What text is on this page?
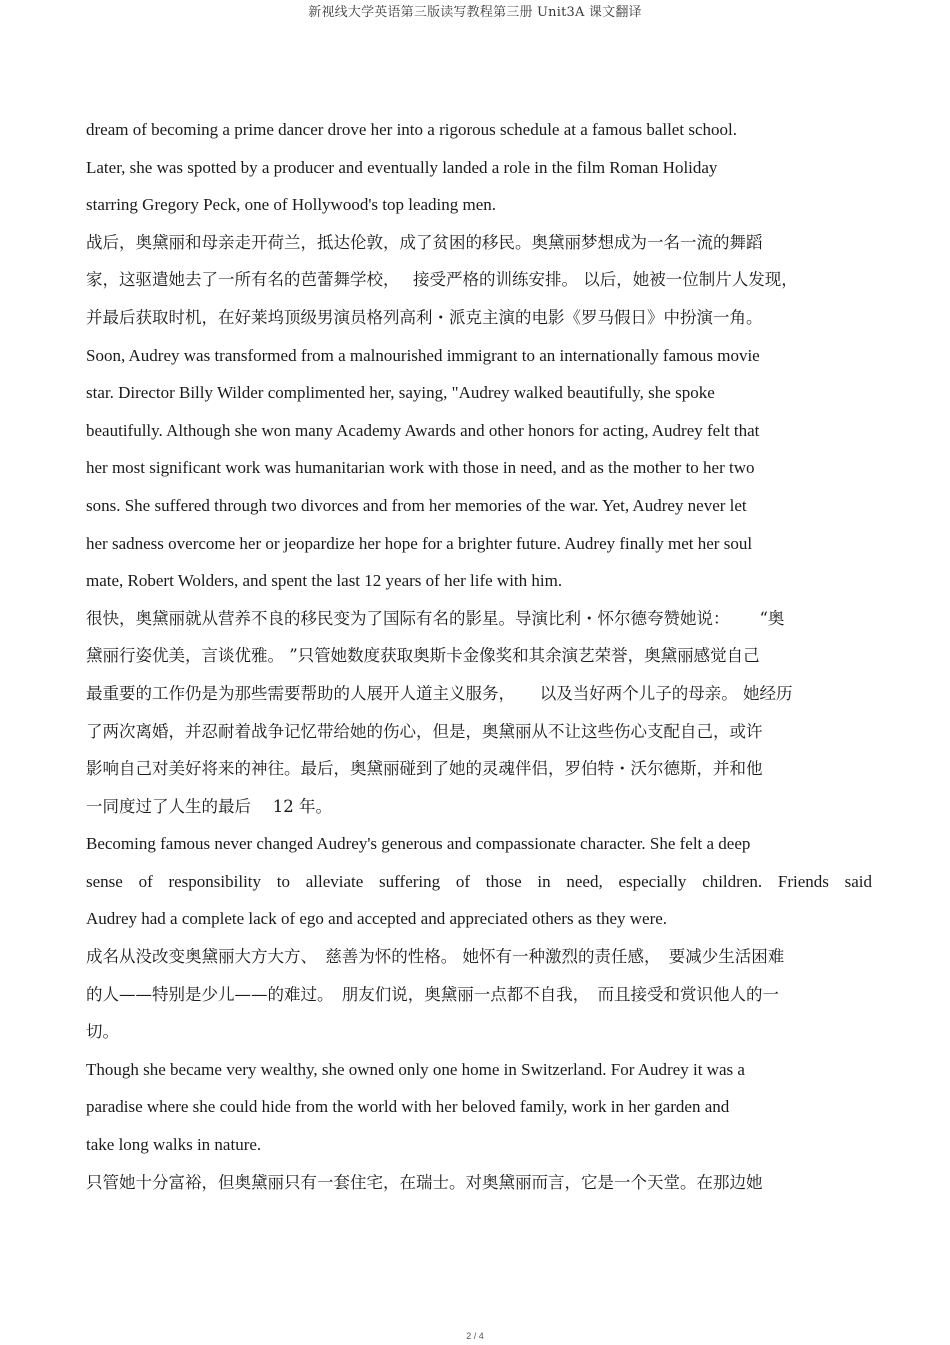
新视线大学英语第三版读写教程第三册 Unit3A 课文翻译
dream of becoming a prime dancer drove her into a rigorous schedule at a famous ballet school.
Later, she was spotted by a producer and eventually landed a role in the film Roman Holiday
starring Gregory Peck, one of Hollywood's top leading men.
战后，奥黛丽和母亲走开荷兰，抵达伦敦，成了贫困的移民。奥黛丽梦想成为一名一流的舞蹈
家，这驱遣她去了一所有名的芭蕾舞学校，　 接受严格的训练安排。 以后，她被一位制片人发现，
并最后获取时机，在好莱坞顶级男演员格列高利・派克主演的电影《罗马假日》中扮演一角。
Soon, Audrey was transformed from a malnourished immigrant to an internationally famous movie
star. Director Billy Wilder complimented her, saying, "Audrey walked beautifully, she spoke
beautifully. Although she won many Academy Awards and other honors for acting, Audrey felt that
her most significant work was humanitarian work with those in need, and as the mother to her two
sons. She suffered through two divorces and from her memories of the war. Yet, Audrey never let
her sadness overcome her or jeopardize her hope for a brighter future. Audrey finally met her soul
mate, Robert Wolders, and spent the last 12 years of her life with him.
很快，奥黛丽就从营养不良的移民变为了国际有名的影星。导演比利・怀尔德夸赞她说：　　 “奥
黛丽行姿优美，言谈优雅。 ”只管她数度获取奥斯卡金像奖和其余演艺荣誉，奥黛丽感觉自己
最重要的工作仍是为那些需要帮助的人展开人道主义服务，　　以及当好两个儿子的母亲。 她经历
了两次离婚，并忍耐着战争记忆带给她的伤心，但是，奥黛丽从不让这些伤心支配自己，或许
影响自己对美好将来的神往。最后，奥黛丽碰到了她的灵魂伴侣，罗伯特・沃尔德斯，并和他
一同度过了人生的最后　 12 年。
Becoming famous never changed Audrey's generous and compassionate character. She felt a deep
sense of responsibility to alleviate suffering of those in need, especially children. Friends said
Audrey had a complete lack of ego and accepted and appreciated others as they were.
成名从没改变奥黛丽大方大方、　慈善为怀的性格。 她怀有一种激烈的责任感，　要减少生活困难
的人——特别是少儿——的难过。　朋友们说，奥黛丽一点都不自我，　而且接受和赏识他人的一
切。
Though she became very wealthy, she owned only one home in Switzerland. For Audrey it was a
paradise where she could hide from the world with her beloved family, work in her garden and
take long walks in nature.
只管她十分富裕，但奥黛丽只有一套住宅，在瑞士。对奥黛丽而言，它是一个天堂。在那边她
2 / 4
